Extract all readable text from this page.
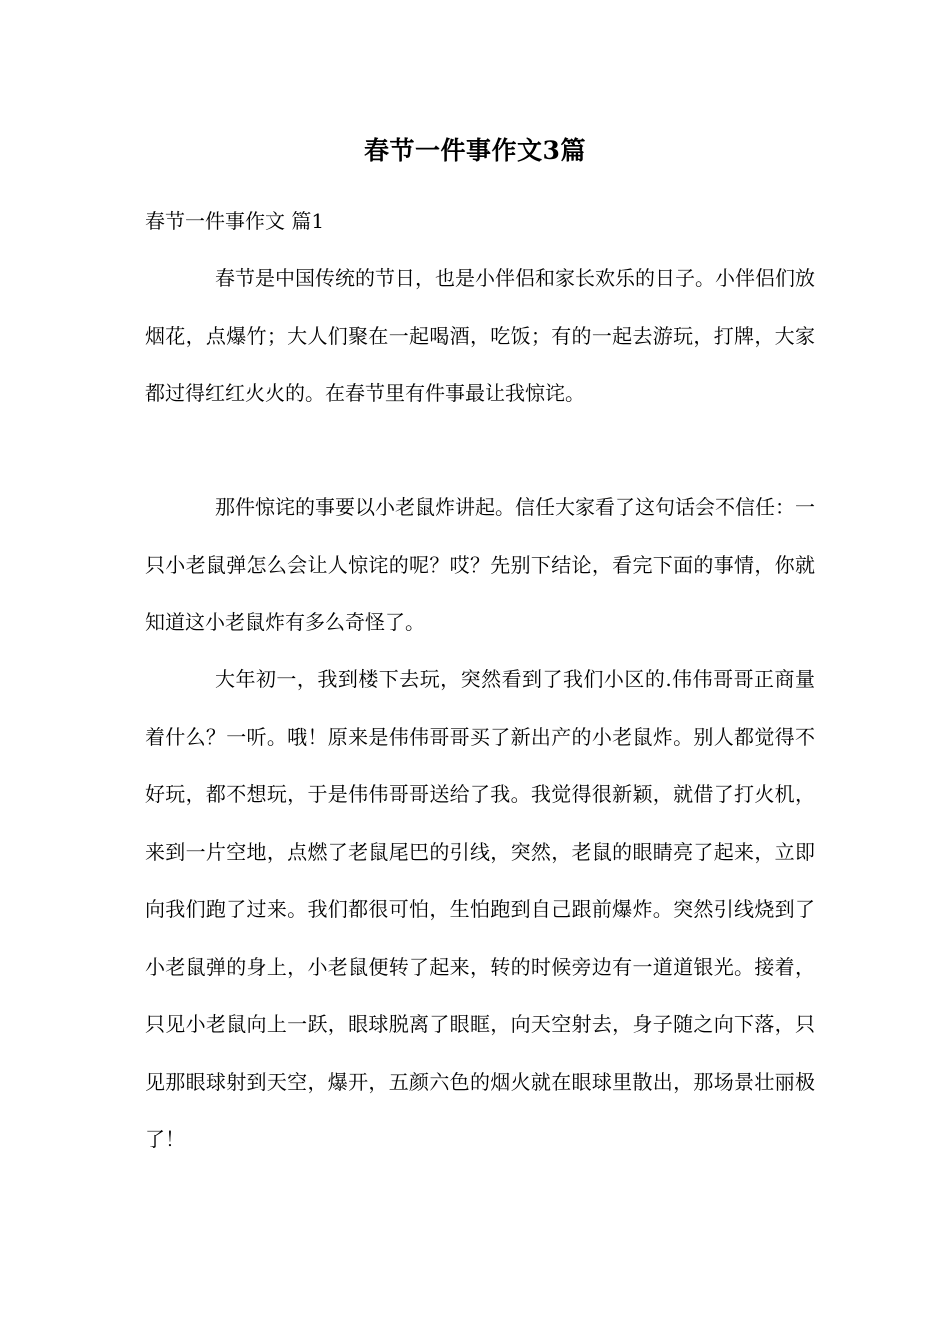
春节一件事作文3篇
春节一件事作文 篇1

春节是中国传统的节日，也是小伴侣和家长欢乐的日子。小伴侣们放烟花，点爆竹；大人们聚在一起喝酒，吃饭；有的一起去游玩，打牌，大家都过得红红火火的。在春节里有件事最让我惊诧。

那件惊诧的事要以小老鼠炸讲起。信任大家看了这句话会不信任：一只小老鼠弹怎么会让人惊诧的呢？哎？先别下结论，看完下面的事情，你就知道这小老鼠炸有多么奇怪了。

大年初一，我到楼下去玩，突然看到了我们小区的.伟伟哥哥正商量着什么？一听。哦！原来是伟伟哥哥买了新出产的小老鼠炸。别人都觉得不好玩，都不想玩，于是伟伟哥哥送给了我。我觉得很新颖，就借了打火机，来到一片空地，点燃了老鼠尾巴的引线，突然，老鼠的眼睛亮了起来，立即向我们跑了过来。我们都很可怕，生怕跑到自己跟前爆炸。突然引线烧到了小老鼠弹的身上，小老鼠便转了起来，转的时候旁边有一道道银光。接着，只见小老鼠向上一跃，眼球脱离了眼眶，向天空射去，身子随之向下落，只见那眼球射到天空，爆开，五颜六色的烟火就在眼球里散出，那场景壮丽极了！
